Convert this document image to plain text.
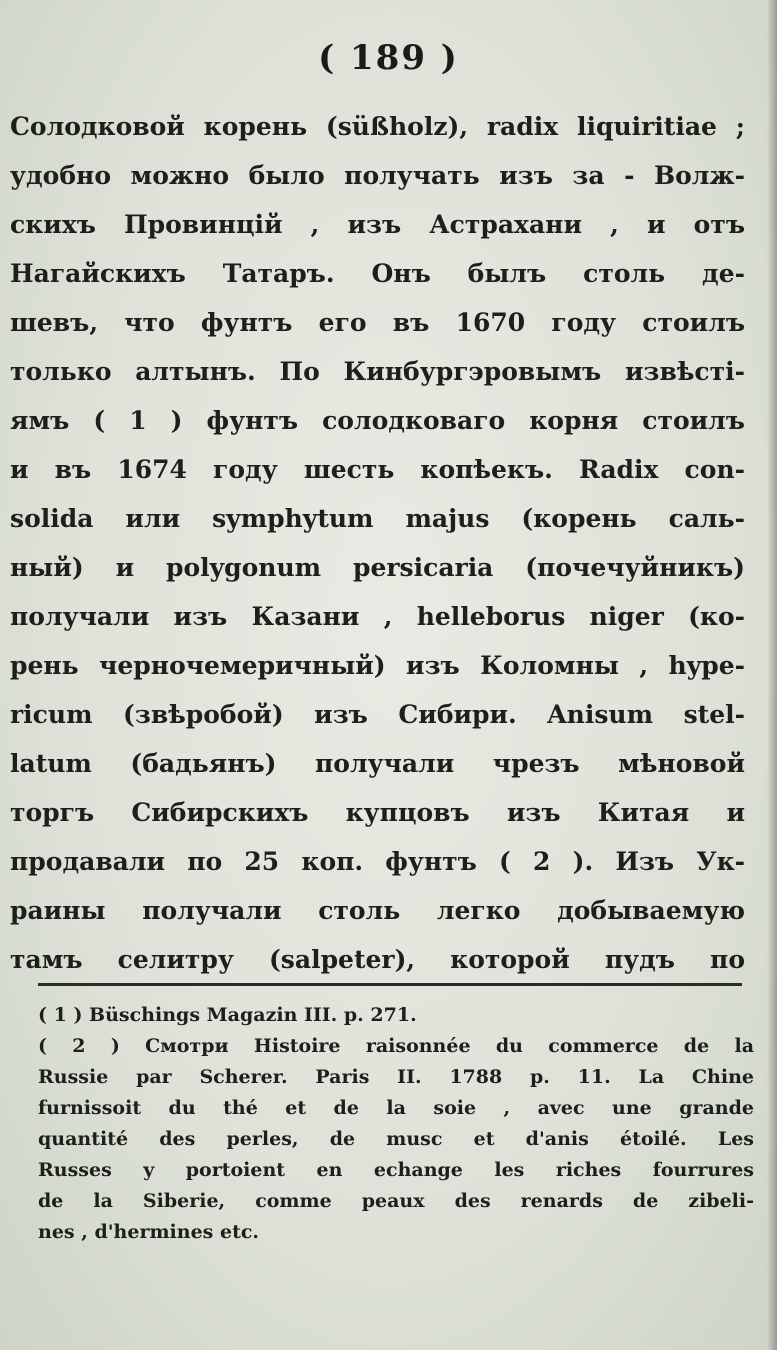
( 189 )
Солодковой корень (süßholz), radix liquiritiae ;
удобно можно было получать изъ за - Волж-
скихъ Провинцій , изъ Астрахани , и отъ
Нагайскихъ Татаръ. Онъ былъ столь де-
шевъ, что фунтъ его въ 1670 году стоилъ
только алтынъ. По Кинбургэровымъ извѣсті-
ямъ ( 1 ) фунтъ солодковаго корня стоилъ
и въ 1674 году шесть копѣекъ. Radix con-
solida или symphytum majus (корень саль-
ный) и polygonum persicaria (почечуйникъ)
получали изъ Казани , helleborus niger (ко-
рень черночемеричный) изъ Коломны , hype-
ricum (звѣробой) изъ Сибири. Anisum stel-
latum (бадьянъ) получали чрезъ мѣновой
торгъ Сибирскихъ купцовъ изъ Китая и
продавали по 25 коп. фунтъ ( 2 ). Изъ Ук-
раины получали столь легко добываемую
тамъ селитру (salpeter), которой пудъ по
( 1 ) Büschings Magazin III. p. 271.
( 2 ) Смотри Histoire raisonnée du commerce de la
Russie par Scherer. Paris II. 1788 p. 11. La Chine
furnissoit du thé et de la soie , avec une grande
quantité des perles, de musc et d'anis étoilé. Les
Russes y portoient en echange les riches fourrures
de la Siberie, comme peaux des renards de zibeli-
nes , d'hermines etc.
